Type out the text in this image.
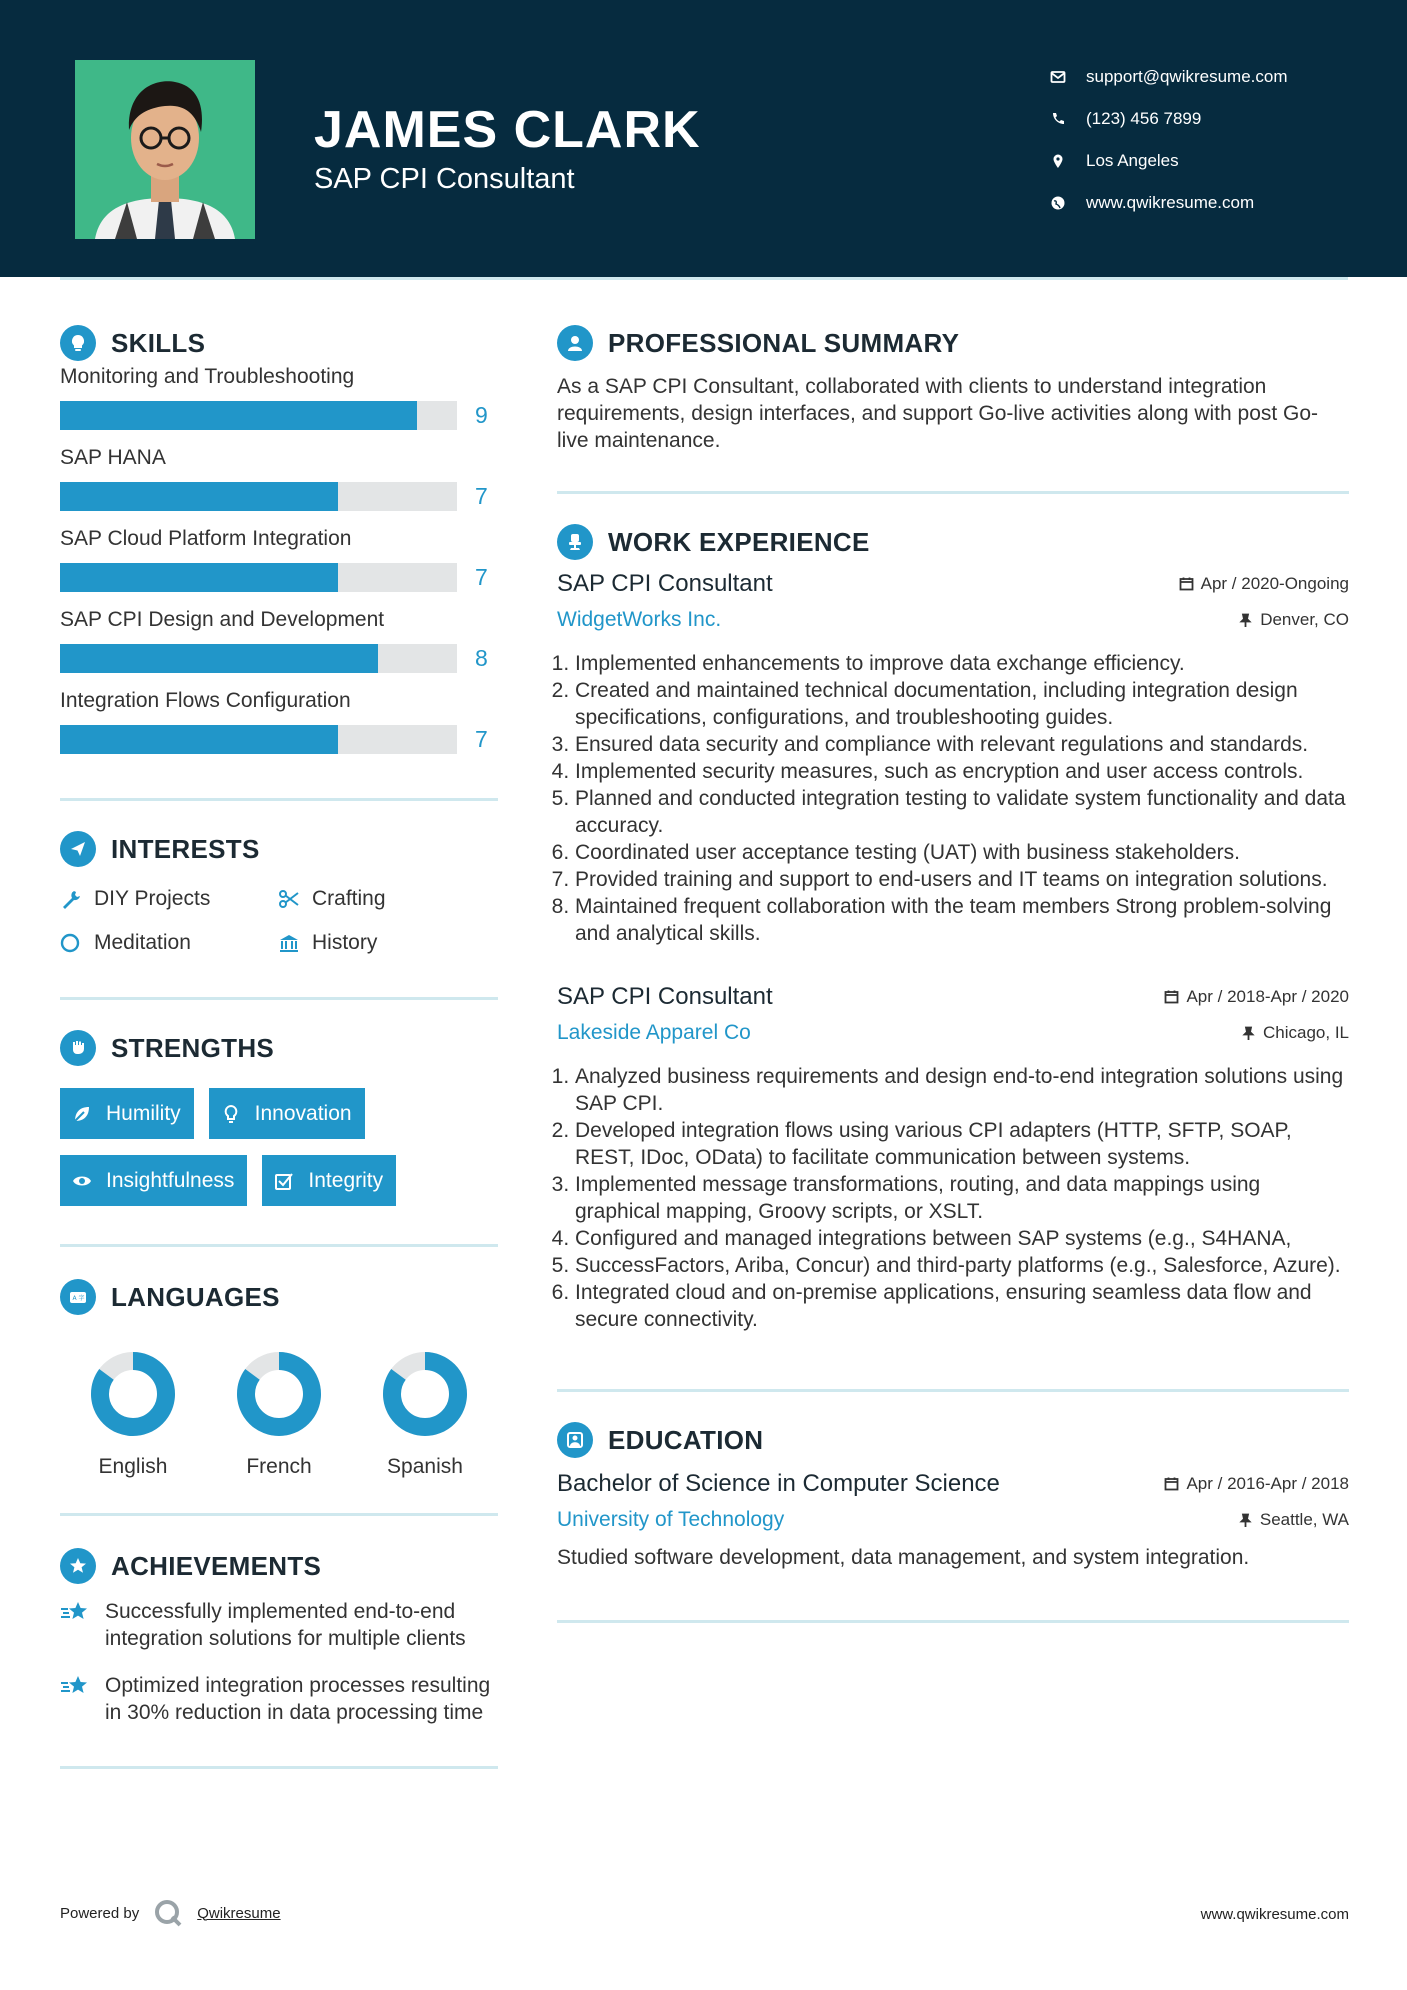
JAMES CLARK
SAP CPI Consultant
support@qwikresume.com
(123) 456 7899
Los Angeles
www.qwikresume.com
SKILLS
Monitoring and Troubleshooting
9
SAP HANA
7
SAP Cloud Platform Integration
7
SAP CPI Design and Development
8
Integration Flows Configuration
7
INTERESTS
DIY Projects	Crafting
Meditation	History
STRENGTHS
Humility	Innovation
Insightfulness	Integrity
A 字 LANGUAGES
English	French	Spanish
ACHIEVEMENTS
Successfully implemented end-to-end integration solutions for multiple clients
Optimized integration processes resulting in 30% reduction in data processing time
PROFESSIONAL SUMMARY
As a SAP CPI Consultant, collaborated with clients to understand integration requirements, design interfaces, and support Go-live activities along with post Go-live maintenance.
WORK EXPERIENCE
SAP CPI Consultant	Apr / 2020-Ongoing
WidgetWorks Inc.	Denver, CO
1. Implemented enhancements to improve data exchange efficiency.
2. Created and maintained technical documentation, including integration design specifications, configurations, and troubleshooting guides.
3. Ensured data security and compliance with relevant regulations and standards.
4. Implemented security measures, such as encryption and user access controls.
5. Planned and conducted integration testing to validate system functionality and data accuracy.
6. Coordinated user acceptance testing (UAT) with business stakeholders.
7. Provided training and support to end-users and IT teams on integration solutions.
8. Maintained frequent collaboration with the team members Strong problem-solving and analytical skills.
SAP CPI Consultant	Apr / 2018-Apr / 2020
Lakeside Apparel Co	Chicago, IL
1. Analyzed business requirements and design end-to-end integration solutions using SAP CPI.
2. Developed integration flows using various CPI adapters (HTTP, SFTP, SOAP, REST, IDoc, OData) to facilitate communication between systems.
3. Implemented message transformations, routing, and data mappings using graphical mapping, Groovy scripts, or XSLT.
4. Configured and managed integrations between SAP systems (e.g., S4HANA,
5. SuccessFactors, Ariba, Concur) and third-party platforms (e.g., Salesforce, Azure).
6. Integrated cloud and on-premise applications, ensuring seamless data flow and secure connectivity.
EDUCATION
Bachelor of Science in Computer Science	Apr / 2016-Apr / 2018
University of Technology	Seattle, WA
Studied software development, data management, and system integration.
Powered by	Qwikresume	www.qwikresume.com
